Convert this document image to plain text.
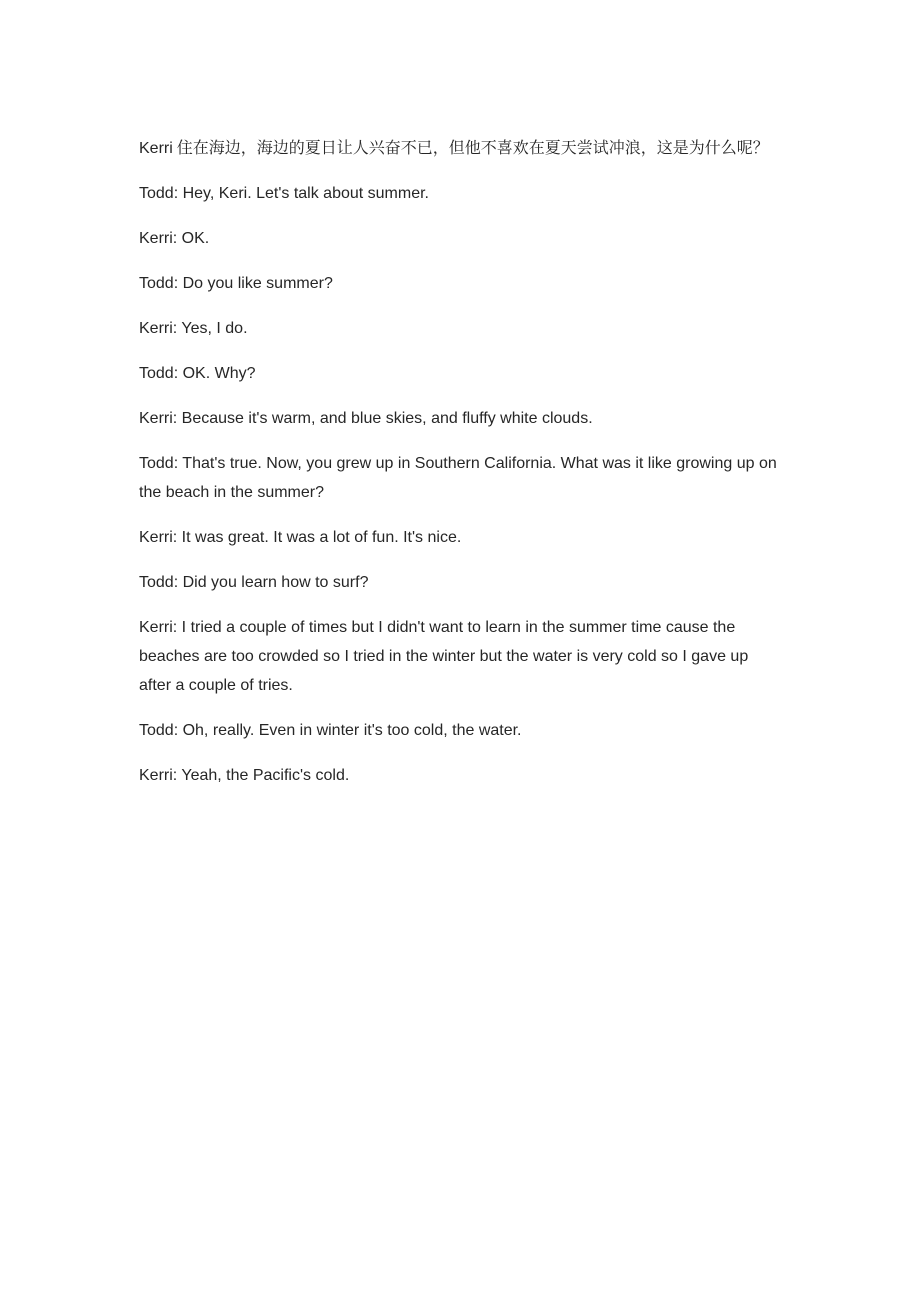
Kerri 住在海边，海边的夏日让人兴奋不已，但他不喜欢在夏天尝试冲浪，这是为什么呢？

Todd: Hey, Keri. Let's talk about summer.

Kerri: OK.

Todd: Do you like summer?

Kerri: Yes, I do.

Todd: OK. Why?

Kerri: Because it's warm, and blue skies, and fluffy white clouds.

Todd: That's true. Now, you grew up in Southern California. What was it like growing up on the beach in the summer?

Kerri: It was great. It was a lot of fun. It's nice.

Todd: Did you learn how to surf?

Kerri: I tried a couple of times but I didn't want to learn in the summer time cause the beaches are too crowded so I tried in the winter but the water is very cold so I gave up after a couple of tries.

Todd: Oh, really. Even in winter it's too cold, the water.

Kerri: Yeah, the Pacific's cold.
